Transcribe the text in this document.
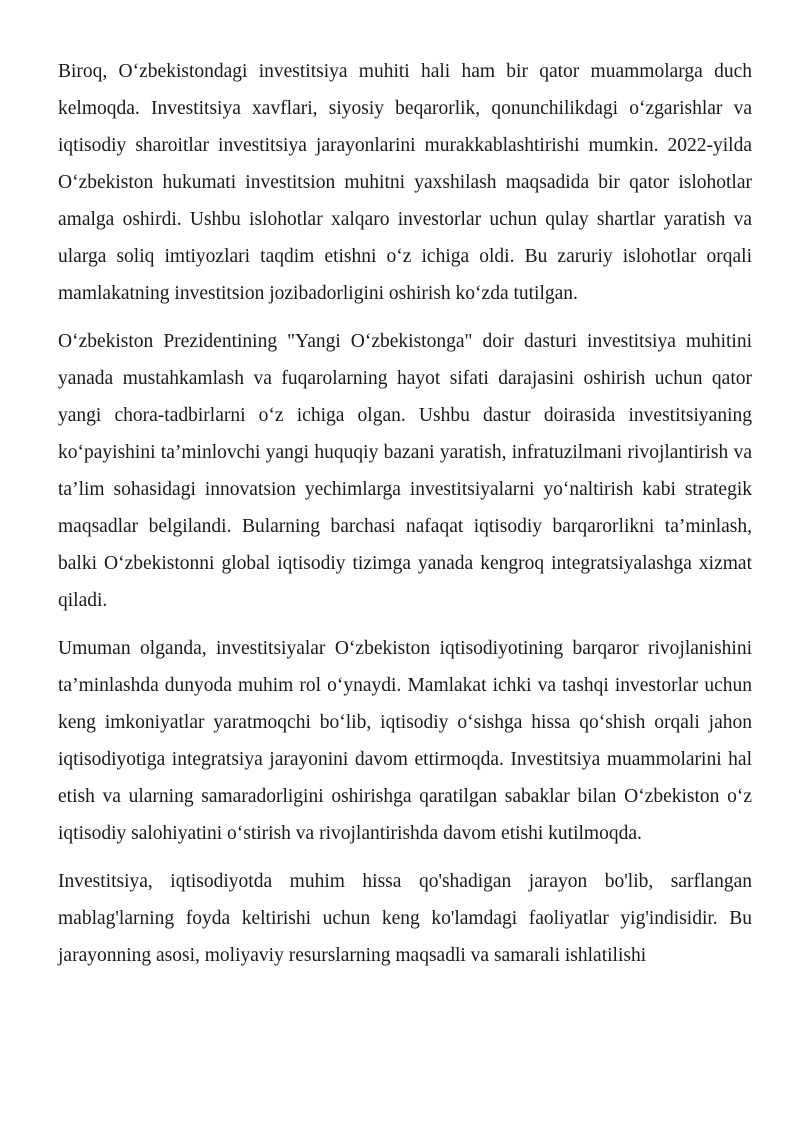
Biroq, O‘zbekistondagi investitsiya muhiti hali ham bir qator muammolarga duch kelmoqda. Investitsiya xavflari, siyosiy beqarorlik, qonunchilikdagi o‘zgarishlar va iqtisodiy sharoitlar investitsiya jarayonlarini murakkablashtirishi mumkin. 2022-yilda O‘zbekiston hukumati investitsion muhitni yaxshilash maqsadida bir qator islohotlar amalga oshirdi. Ushbu islohotlar xalqaro investorlar uchun qulay shartlar yaratish va ularga soliq imtiyozlari taqdim etishni o‘z ichiga oldi. Bu zaruriy islohotlar orqali mamlakatning investitsion jozibadorligini oshirish ko‘zda tutilgan.

O‘zbekiston Prezidentining "Yangi O‘zbekistonga" doir dasturi investitsiya muhitini yanada mustahkamlash va fuqarolarning hayot sifati darajasini oshirish uchun qator yangi chora-tadbirlarni o‘z ichiga olgan. Ushbu dastur doirasida investitsiyaning ko‘payishini ta’minlovchi yangi huquqiy bazani yaratish, infratuzilmani rivojlantirish va ta’lim sohasidagi innovatsion yechimlarga investitsiyalarni yo‘naltirish kabi strategik maqsadlar belgilandi. Bularning barchasi nafaqat iqtisodiy barqarorlikni ta’minlash, balki O‘zbekistonni global iqtisodiy tizimga yanada kengroq integratsiyalashga xizmat qiladi.

Umuman olganda, investitsiyalar O‘zbekiston iqtisodiyotining barqaror rivojlanishini ta’minlashda dunyoda muhim rol o‘ynaydi. Mamlakat ichki va tashqi investorlar uchun keng imkoniyatlar yaratmoqchi bo‘lib, iqtisodiy o‘sishga hissa qo‘shish orqali jahon iqtisodiyotiga integratsiya jarayonini davom ettirmoqda. Investitsiya muammolarini hal etish va ularning samaradorligini oshirishga qaratilgan sabaklar bilan O‘zbekiston o‘z iqtisodiy salohiyatini o‘stirish va rivojlantirishda davom etishi kutilmoqda.

Investitsiya, iqtisodiyotda muhim hissa qo'shadigan jarayon bo'lib, sarflangan mablag'larning foyda keltirishi uchun keng ko'lamdagi faoliyatlar yig'indisidir. Bu jarayonning asosi, moliyaviy resurslarning maqsadli va samarali ishlatilishi
